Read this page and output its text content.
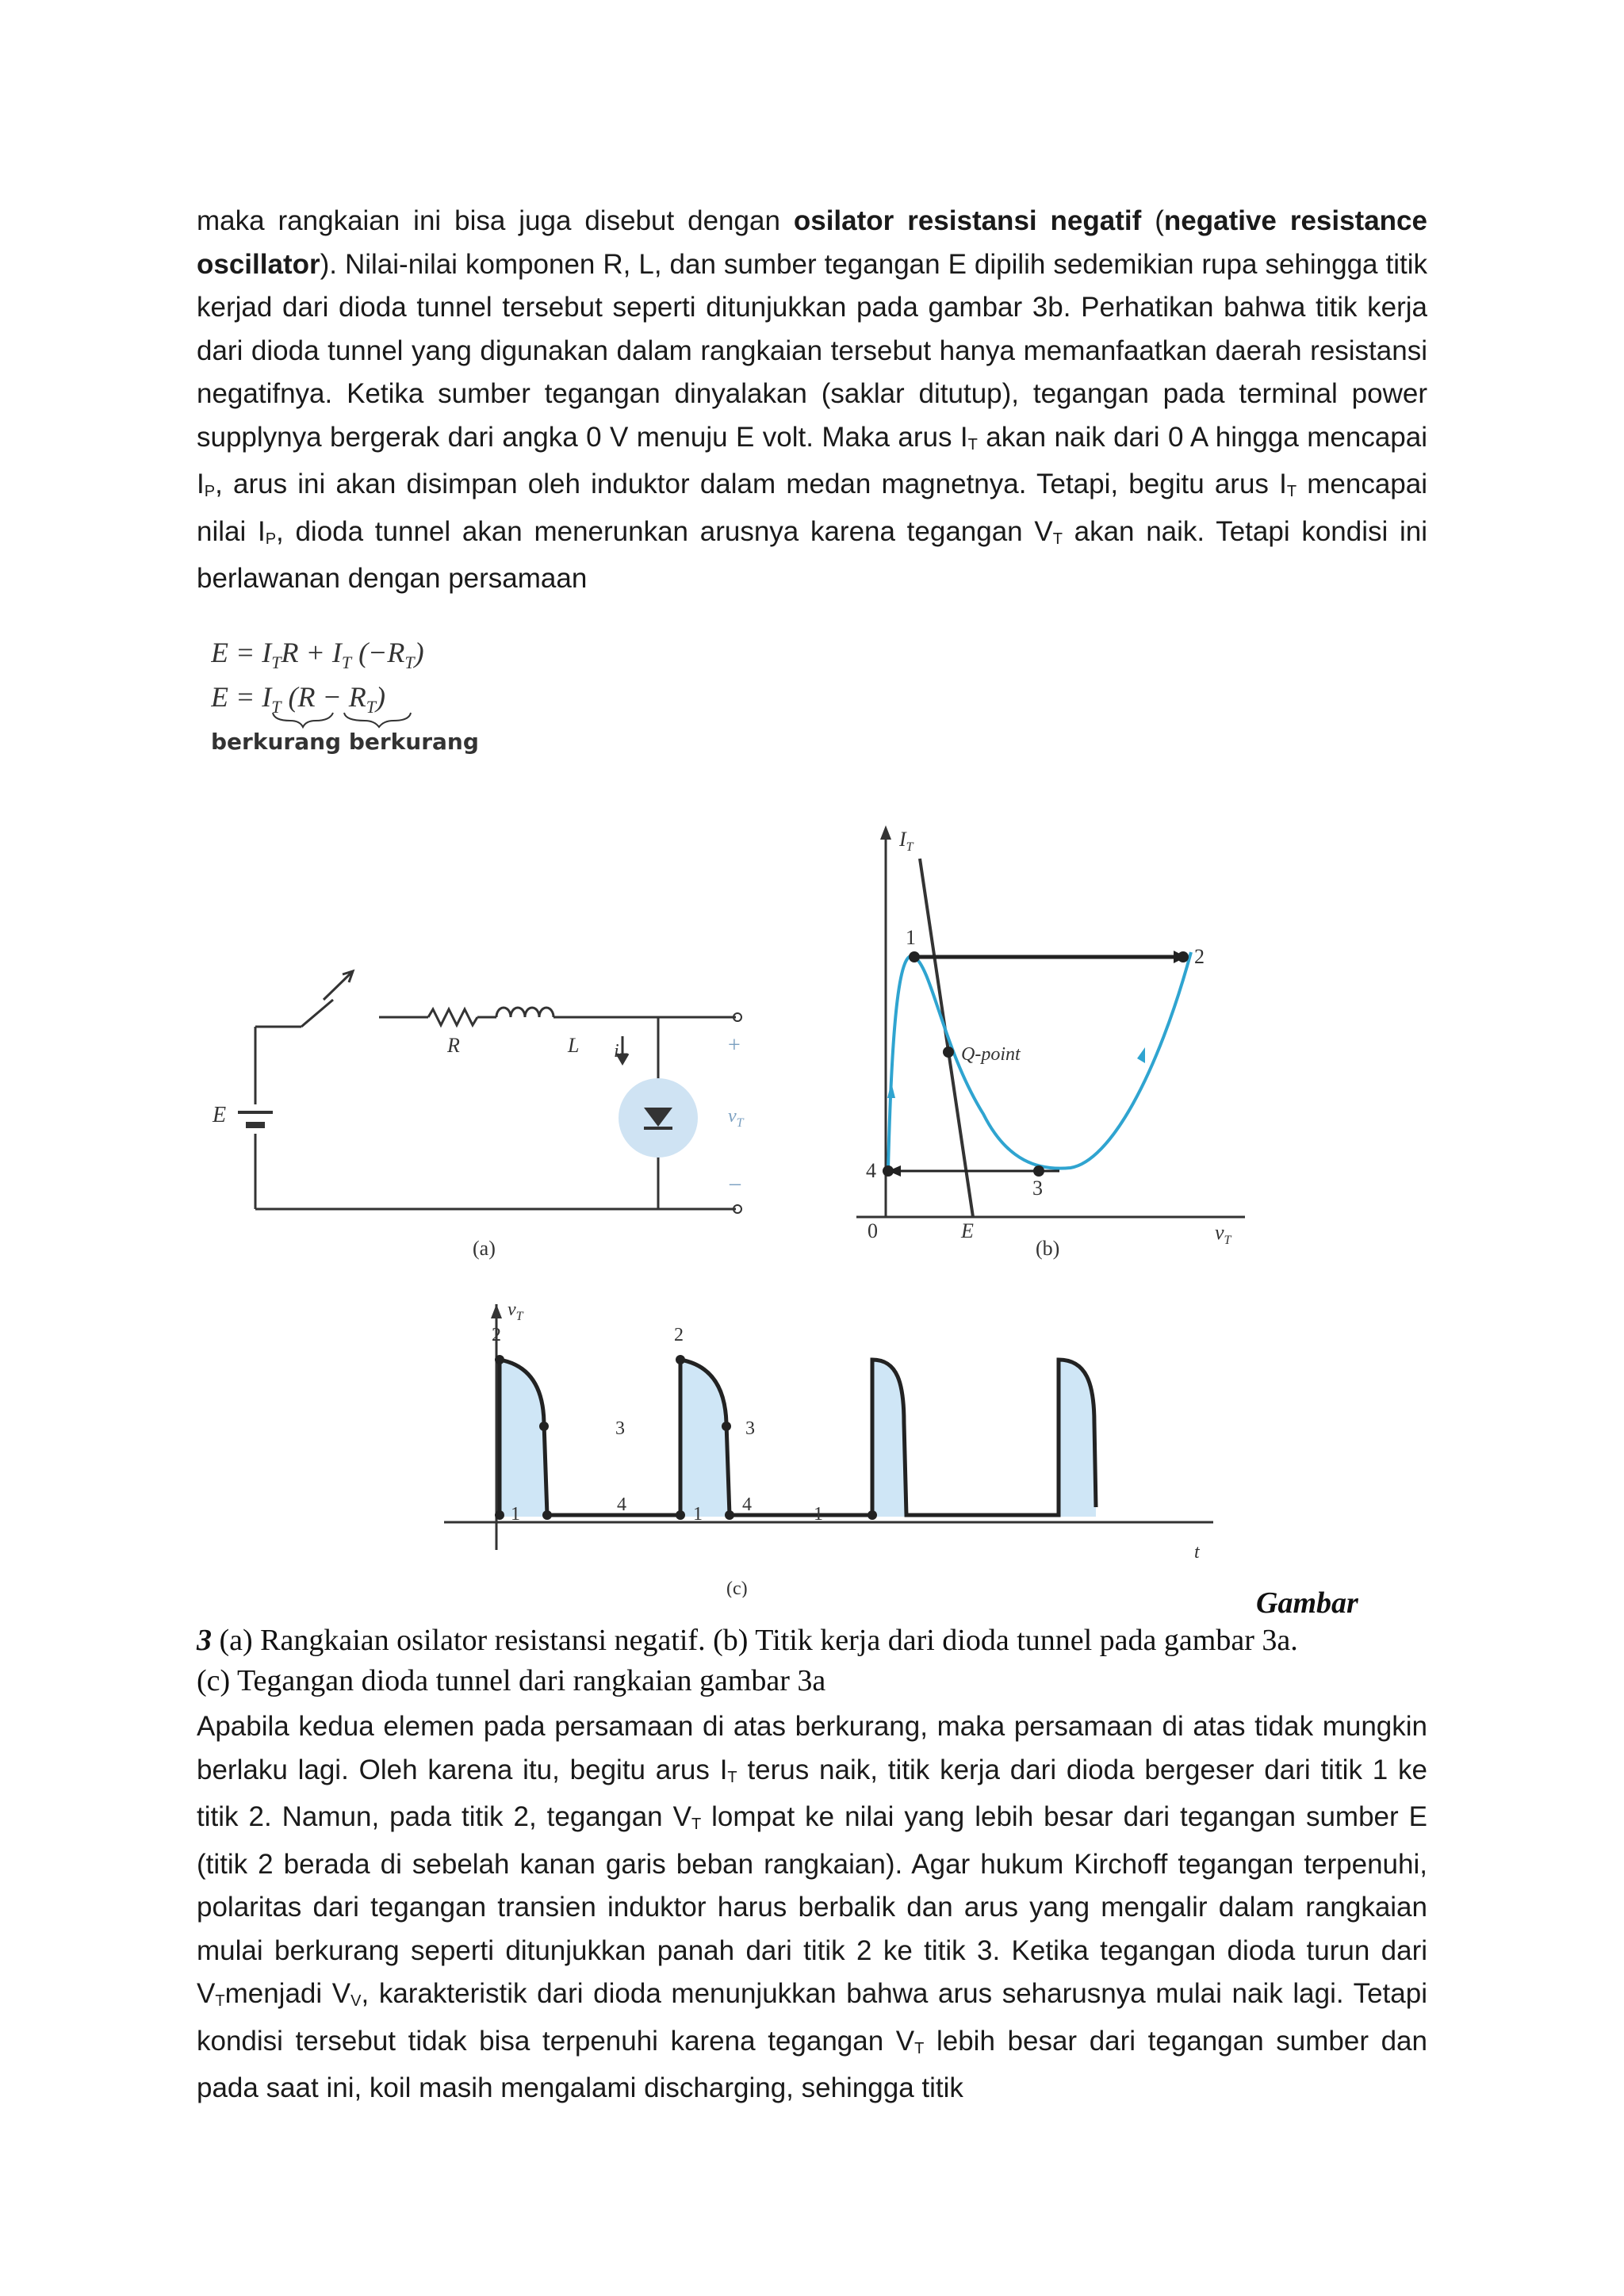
maka rangkaian ini bisa juga disebut dengan osilator resistansi negatif (negative resistance oscillator). Nilai-nilai komponen R, L, dan sumber tegangan E dipilih sedemikian rupa sehingga titik kerjad dari dioda tunnel tersebut seperti ditunjukkan pada gambar 3b. Perhatikan bahwa titik kerja dari dioda tunnel yang digunakan dalam rangkaian tersebut hanya memanfaatkan daerah resistansi negatifnya. Ketika sumber tegangan dinyalakan (saklar ditutup), tegangan pada terminal power supplynya bergerak dari angka 0 V menuju E volt. Maka arus IT akan naik dari 0 A hingga mencapai IP, arus ini akan disimpan oleh induktor dalam medan magnetnya. Tetapi, begitu arus IT mencapai nilai IP, dioda tunnel akan menerunkan arusnya karena tegangan VT akan naik. Tetapi kondisi ini berlawanan dengan persamaan

$E = I_TR + I_T$ $(-R_T)$
$E = I_T$ $(R - R_T)$
berkurang berkurang
E
R	L $i_T$
+
–
$v_T$
(a)
$I_T$
$v_T$
0	E
1
2
3
4
Q-point
(b)
$v_T$
t
2	2
3	3
1	4	1 4	1
(c)	Gambar
3 (a) Rangkaian osilator resistansi negatif. (b) Titik kerja dari dioda tunnel pada gambar 3a.
(c) Tegangan dioda tunnel dari rangkaian gambar 3a

Apabila kedua elemen pada persamaan di atas berkurang, maka persamaan di atas tidak mungkin berlaku lagi. Oleh karena itu, begitu arus IT terus naik, titik kerja dari dioda bergeser dari titik 1 ke titik 2. Namun, pada titik 2, tegangan VT lompat ke nilai yang lebih besar dari tegangan sumber E (titik 2 berada di sebelah kanan garis beban rangkaian). Agar hukum Kirchoff tegangan terpenuhi, polaritas dari tegangan transien induktor harus berbalik dan arus yang mengalir dalam rangkaian mulai berkurang seperti ditunjukkan panah dari titik 2 ke titik 3. Ketika tegangan dioda turun dari VTmenjadi VV, karakteristik dari dioda menunjukkan bahwa arus seharusnya mulai naik lagi. Tetapi kondisi tersebut tidak bisa terpenuhi karena tegangan VT lebih besar dari tegangan sumber dan pada saat ini, koil masih mengalami discharging, sehingga titik
